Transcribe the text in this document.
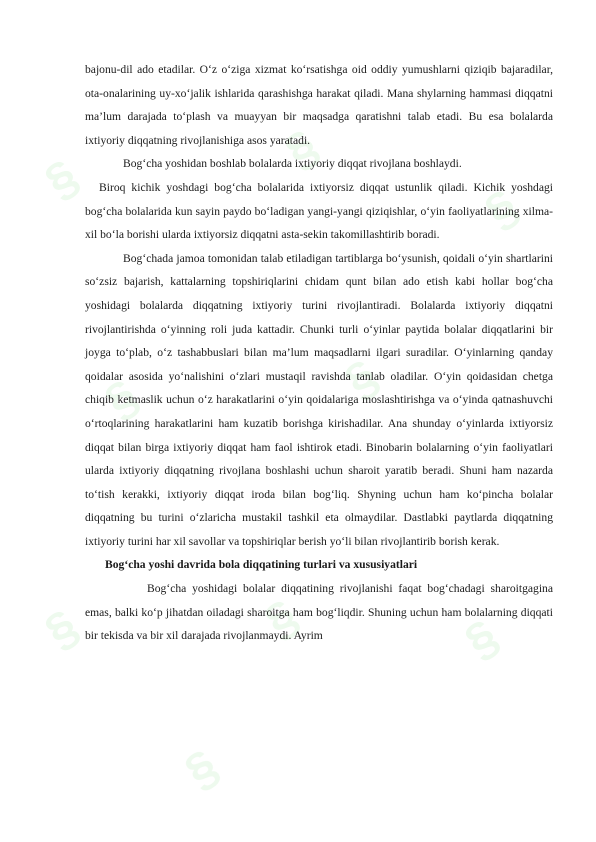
§
§
§
§	§
§	§	§
§

bajonu-dil ado etadilar. O‘z o‘ziga xizmat ko‘rsatishga oid oddiy yumushlarni qiziqib bajaradilar, ota-onalarining uy-xo‘jalik ishlarida qarashishga harakat qiladi. Mana shylarning hammasi diqqatni ma’lum darajada to‘plash va muayyan bir maqsadga qaratishni talab etadi. Bu esa bolalarda ixtiyoriy diqqatning rivojlanishiga asos yaratadi.

Bog‘cha yoshidan boshlab bolalarda ixtiyoriy diqqat rivojlana boshlaydi.

Biroq kichik yoshdagi bog‘cha bolalarida ixtiyorsiz diqqat ustunlik qiladi. Kichik yoshdagi bog‘cha bolalarida kun sayin paydo bo‘ladigan yangi-yangi qiziqishlar, o‘yin faoliyatlarining xilma-xil bo‘la borishi ularda ixtiyorsiz diqqatni asta-sekin takomillashtirib boradi.

Bog‘chada jamoa tomonidan talab etiladigan tartiblarga bo‘ysunish, qoidali o‘yin shartlarini so‘zsiz bajarish, kattalarning topshiriqlarini chidam qunt bilan ado etish kabi hollar bog‘cha yoshidagi bolalarda diqqatning ixtiyoriy turini rivojlantiradi. Bolalarda ixtiyoriy diqqatni rivojlantirishda o‘yinning roli juda kattadir. Chunki turli o‘yinlar paytida bolalar diqqatlarini bir joyga to‘plab, o‘z tashabbuslari bilan ma’lum maqsadlarni ilgari suradilar. O‘yinlarning qanday qoidalar asosida yo‘nalishini o‘zlari mustaqil ravishda tanlab oladilar. O‘yin qoidasidan chetga chiqib ketmaslik uchun o‘z harakatlarini o‘yin qoidalariga moslashtirishga va o‘yinda qatnashuvchi o‘rtoqlarining harakatlarini ham kuzatib borishga kirishadilar. Ana shunday o‘yinlarda ixtiyorsiz diqqat bilan birga ixtiyoriy diqqat ham faol ishtirok etadi. Binobarin bolalarning o‘yin faoliyatlari ularda ixtiyoriy diqqatning rivojlana boshlashi uchun sharoit yaratib beradi. Shuni ham nazarda to‘tish kerakki, ixtiyoriy diqqat iroda bilan bog‘liq. Shyning uchun ham ko‘pincha bolalar diqqatning bu turini o‘zlaricha mustakil tashkil eta olmaydilar. Dastlabki paytlarda diqqatning ixtiyoriy turini har xil savollar va topshiriqlar berish yo‘li bilan rivojlantirib borish kerak.

Bog‘cha yoshi davrida bola diqqatining turlari va xususiyatlari

Bog‘cha yoshidagi bolalar diqqatining rivojlanishi faqat bog‘chadagi sharoitgagina emas, balki ko‘p jihatdan oiladagi sharoitga ham bog‘liqdir. Shuning uchun ham bolalarning diqqati bir tekisda va bir xil darajada rivojlanmaydi. Ayrim
